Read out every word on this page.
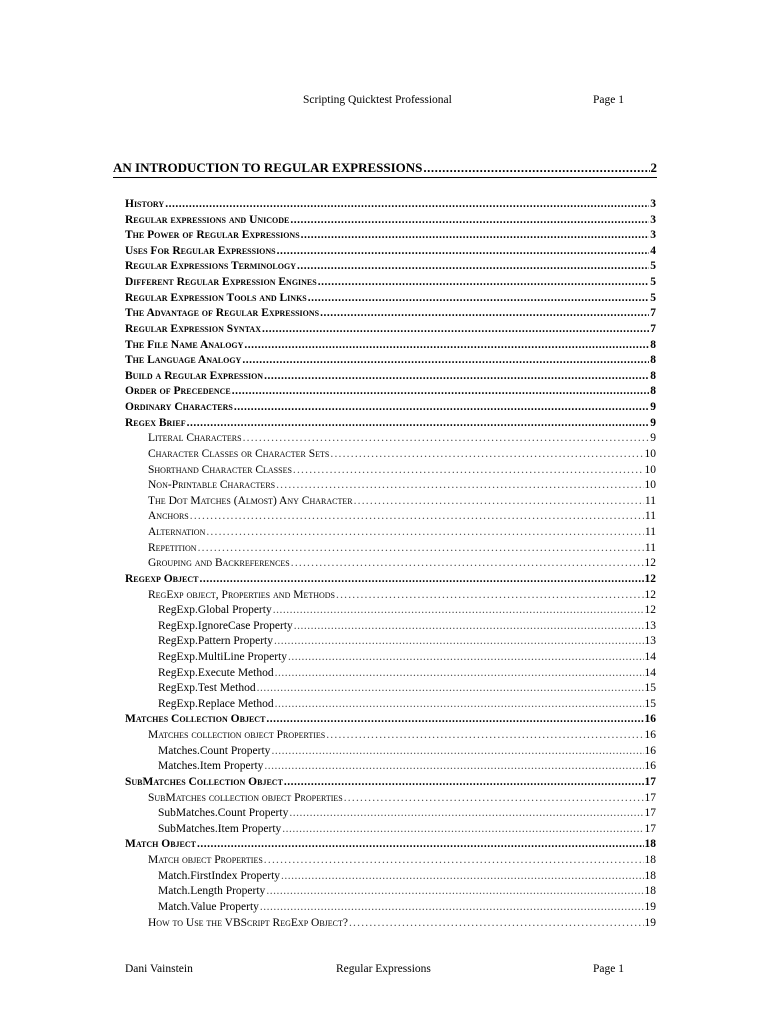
Scripting Quicktest Professional	Page 1
AN INTRODUCTION TO REGULAR EXPRESSIONS .....	2
History .....	3
Regular expressions and Unicode .....	3
The Power of Regular Expressions .....	3
Uses For Regular Expressions .....	4
Regular Expressions Terminology .....	5
Different Regular Expression Engines .....	5
Regular Expression Tools and Links .....	5
The Advantage of Regular Expressions .....	7
Regular Expression Syntax .....	7
The File Name Analogy .....	8
The Language Analogy .....	8
Build a Regular Expression .....	8
Order of Precedence .....	8
Ordinary Characters .....	9
Regex Brief .....	9
Literal Characters .....	9
Character Classes or Character Sets .....	10
Shorthand Character Classes .....	10
Non-Printable Characters .....	10
The Dot Matches (Almost) Any Character .....	11
Anchors .....	11
Alternation .....	11
Repetition .....	11
Grouping and Backreferences .....	12
Regexp Object .....	12
RegExp object, Properties and Methods .....	12
RegExp.Global Property .....	12
RegExp.IgnoreCase Property .....	13
RegExp.Pattern Property .....	13
RegExp.MultiLine Property .....	14
RegExp.Execute Method .....	14
RegExp.Test Method .....	15
RegExp.Replace Method .....	15
Matches Collection Object .....	16
Matches collection object Properties .....	16
Matches.Count Property .....	16
Matches.Item Property .....	16
SubMatches Collection Object .....	17
SubMatches collection object Properties .....	17
SubMatches.Count Property .....	17
SubMatches.Item Property .....	17
Match Object .....	18
Match object Properties .....	18
Match.FirstIndex Property .....	18
Match.Length Property .....	18
Match.Value Property .....	19
How to Use the VBScript RegExp Object? .....	19
Dani Vainstein	Regular Expressions	Page 1
